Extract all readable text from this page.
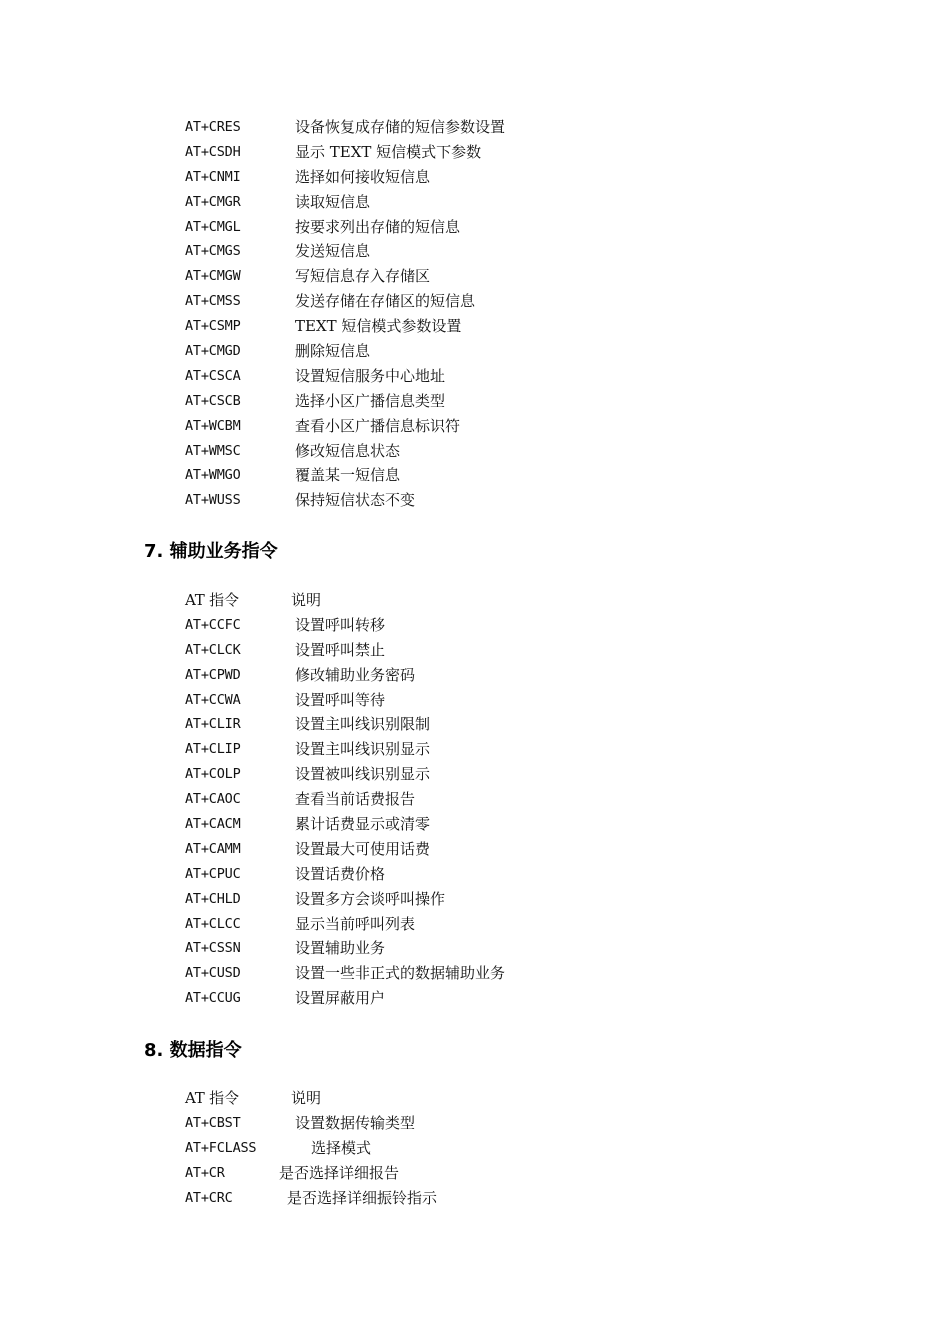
AT+CRES	设备恢复成存储的短信参数设置
AT+CSDH	显示 TEXT 短信模式下参数
AT+CNMI	选择如何接收短信息
AT+CMGR	读取短信息
AT+CMGL	按要求列出存储的短信息
AT+CMGS	发送短信息
AT+CMGW	写短信息存入存储区
AT+CMSS	发送存储在存储区的短信息
AT+CSMP	TEXT 短信模式参数设置
AT+CMGD	删除短信息
AT+CSCA	设置短信服务中心地址
AT+CSCB	选择小区广播信息类型
AT+WCBM	查看小区广播信息标识符
AT+WMSC	修改短信息状态
AT+WMGO	覆盖某一短信息
AT+WUSS	保持短信状态不变
7. 辅助业务指令
AT 指令	说明
AT+CCFC	设置呼叫转移
AT+CLCK	设置呼叫禁止
AT+CPWD	修改辅助业务密码
AT+CCWA	设置呼叫等待
AT+CLIR	设置主叫线识别限制
AT+CLIP	设置主叫线识别显示
AT+COLP	设置被叫线识别显示
AT+CAOC	查看当前话费报告
AT+CACM	累计话费显示或清零
AT+CAMM	设置最大可使用话费
AT+CPUC	设置话费价格
AT+CHLD	设置多方会谈呼叫操作
AT+CLCC	显示当前呼叫列表
AT+CSSN	设置辅助业务
AT+CUSD	设置一些非正式的数据辅助业务
AT+CCUG	设置屏蔽用户
8. 数据指令
AT 指令	说明
AT+CBST	设置数据传输类型
AT+FCLASS	选择模式
AT+CR	是否选择详细报告
AT+CRC	是否选择详细振铃指示
